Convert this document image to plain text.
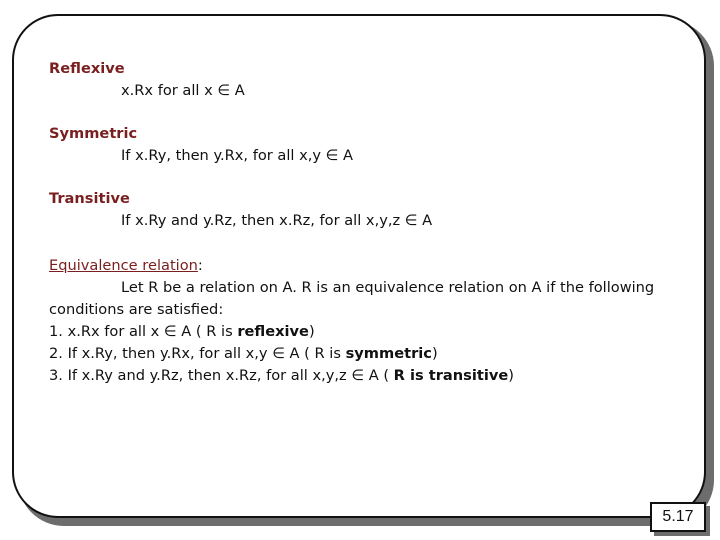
Reflexive
x.Rx for all x ∈ A
Symmetric
If x.Ry, then y.Rx, for all x,y ∈ A
Transitive
If x.Ry and y.Rz, then x.Rz, for all x,y,z ∈ A
Equivalence relation:
Let R be a relation on A. R is an equivalence relation on A if the following
conditions are satisfied:
1. x.Rx for all x ∈ A ( R is reflexive)
2. If x.Ry, then y.Rx, for all x,y ∈ A ( R is symmetric)
3. If x.Ry and y.Rz, then x.Rz, for all x,y,z ∈ A ( R is transitive)
5.17
